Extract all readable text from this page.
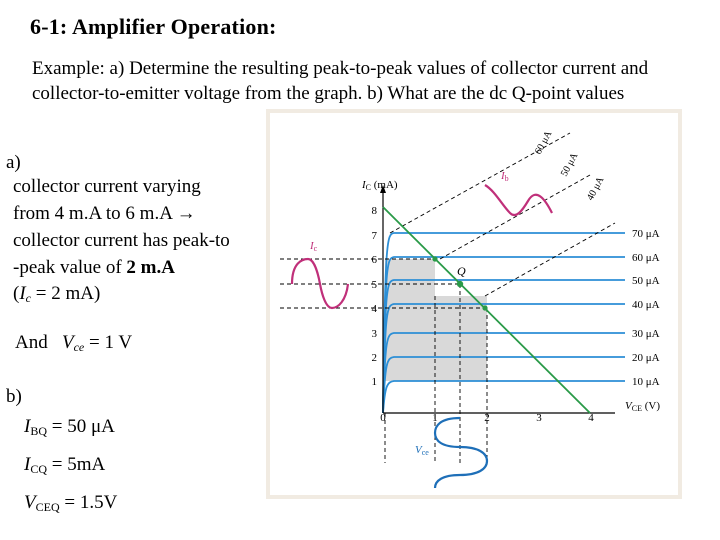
6-1: Amplifier Operation:
Example: a) Determine the resulting peak-to-peak values of collector current and collector-to-emitter voltage from the graph. b) What are the dc Q-point values
a)
collector current varying
from 4 m.A to 6 m.A →
collector current has peak-to
-peak value of 2 m.A
($I_c = 2$ mA)
And $V_{ce} = 1$ V
b)
$I_{BQ} = 50$ μA
$I_{CQ} = 5mA$
$V_{CEQ} = 1.5V$
IC (mA)
1
2
3
4
5
6
7
8
0	1	2	3	4
VCE (V)
10 μA
20 μA
30 μA
40 μA
50 μA
60 μA
70 μA
60 μA
50 μA
40 μA
Ib
Ic
Vce
Q
